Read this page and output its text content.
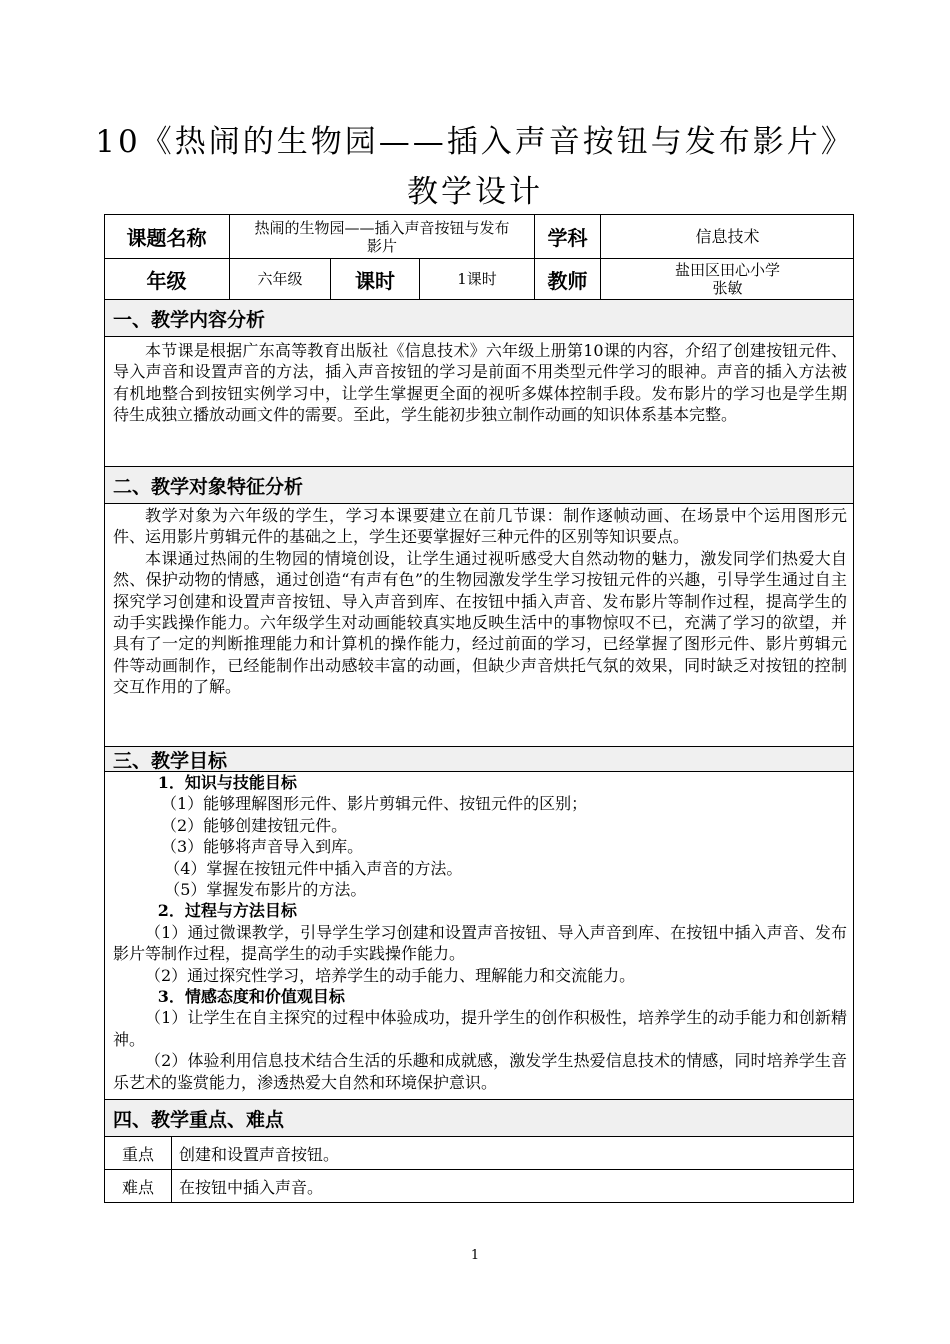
10《热闹的生物园——插入声音按钮与发布影片》
教学设计
课题名称	热闹的生物园——插入声音按钮与发布影片	学科	信息技术
年级	六年级	课时	1课时	教师	盐田区田心小学
张敏
一、教学内容分析

本节课是根据广东高等教育出版社《信息技术》六年级上册第10课的内容，介绍了创建按钮元件、导入声音和设置声音的方法，插入声音按钮的学习是前面不用类型元件学习的眼神。声音的插入方法被有机地整合到按钮实例学习中，让学生掌握更全面的视听多媒体控制手段。发布影片的学习也是学生期待生成独立播放动画文件的需要。至此，学生能初步独立制作动画的知识体系基本完整。

二、教学对象特征分析

教学对象为六年级的学生，学习本课要建立在前几节课：制作逐帧动画、在场景中个运用图形元件、运用影片剪辑元件的基础之上，学生还要掌握好三种元件的区别等知识要点。

本课通过热闹的生物园的情境创设，让学生通过视听感受大自然动物的魅力，激发同学们热爱大自然、保护动物的情感，通过创造“有声有色”的生物园激发学生学习按钮元件的兴趣，引导学生通过自主探究学习创建和设置声音按钮、导入声音到库、在按钮中插入声音、发布影片等制作过程，提高学生的动手实践操作能力。六年级学生对动画能较真实地反映生活中的事物惊叹不已，充满了学习的欲望，并具有了一定的判断推理能力和计算机的操作能力，经过前面的学习，已经掌握了图形元件、影片剪辑元件等动画制作，已经能制作出动感较丰富的动画，但缺少声音烘托气氛的效果，同时缺乏对按钮的控制交互作用的了解。

三、教学目标

1．知识与技能目标

（1）能够理解图形元件、影片剪辑元件、按钮元件的区别；

（2）能够创建按钮元件。

（3）能够将声音导入到库。

（4）掌握在按钮元件中插入声音的方法。

（5）掌握发布影片的方法。

2．过程与方法目标

（1）通过微课教学，引导学生学习创建和设置声音按钮、导入声音到库、在按钮中插入声音、发布影片等制作过程，提高学生的动手实践操作能力。

（2）通过探究性学习，培养学生的动手能力、理解能力和交流能力。

3．情感态度和价值观目标

（1）让学生在自主探究的过程中体验成功，提升学生的创作积极性，培养学生的动手能力和创新精神。

（2）体验利用信息技术结合生活的乐趣和成就感，激发学生热爱信息技术的情感，同时培养学生音乐艺术的鉴赏能力，渗透热爱大自然和环境保护意识。

四、教学重点、难点
重点	创建和设置声音按钮。
难点	在按钮中插入声音。
1
